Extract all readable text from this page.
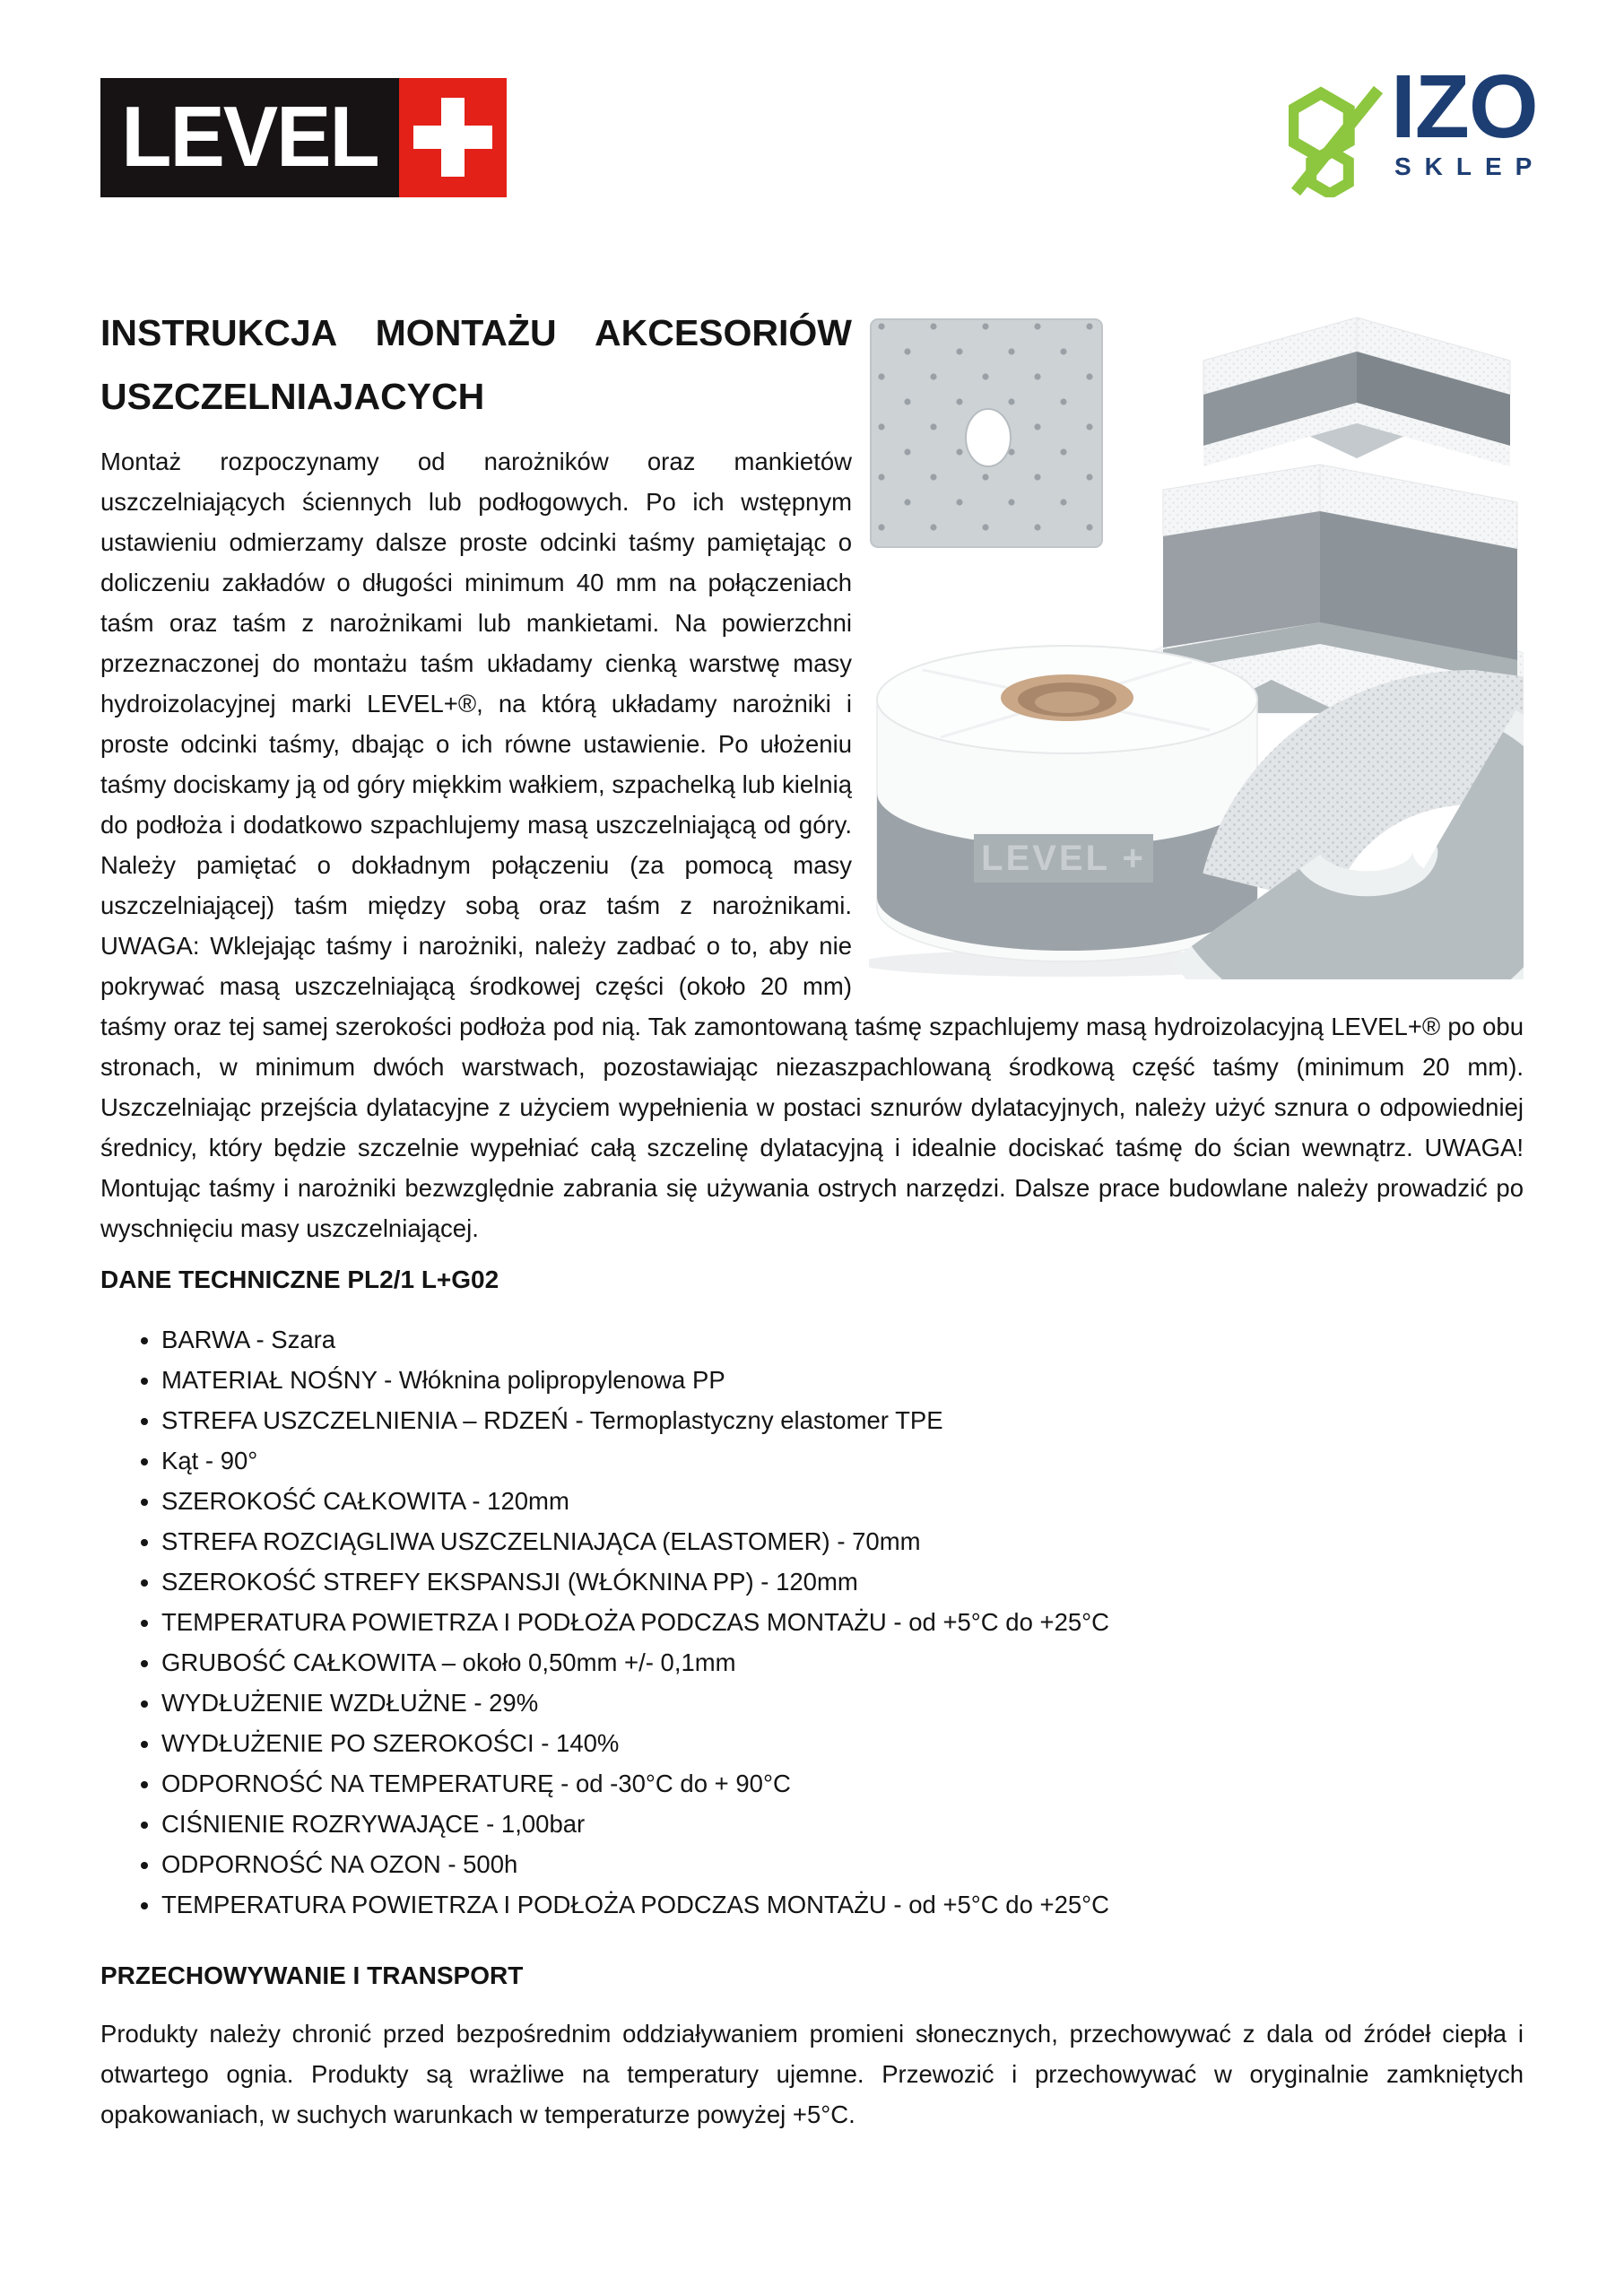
LEVEL	IZO
SKLEP
LEVEL +
INSTRUKCJA MONTAŻU AKCESORIÓW USZCZELNIAJACYCH

Montaż rozpoczynamy od narożników oraz mankietów uszczelniających ściennych lub podłogowych. Po ich wstępnym ustawieniu odmierzamy dalsze proste odcinki taśmy pamiętając o doliczeniu zakładów o długości minimum 40 mm na połączeniach taśm oraz taśm z narożnikami lub mankietami. Na powierzchni przeznaczonej do montażu taśm układamy cienką warstwę masy hydroizolacyjnej marki LEVEL+®, na którą układamy narożniki i proste odcinki taśmy, dbając o ich równe ustawienie. Po ułożeniu taśmy dociskamy ją od góry miękkim wałkiem, szpachelką lub kielnią do podłoża i dodatkowo szpachlujemy masą uszczelniającą od góry. Należy pamiętać o dokładnym połączeniu (za pomocą masy uszczelniającej) taśm między sobą oraz taśm z narożnikami. UWAGA: Wklejając taśmy i narożniki, należy zadbać o to, aby nie pokrywać masą uszczelniającą środkowej części (około 20 mm) taśmy oraz tej samej szerokości podłoża pod nią. Tak zamontowaną taśmę szpachlujemy masą hydroizolacyjną LEVEL+® po obu stronach, w minimum dwóch warstwach, pozostawiając niezaszpachlowaną środkową część taśmy (minimum 20 mm). Uszczelniając przejścia dylatacyjne z użyciem wypełnienia w postaci sznurów dylatacyjnych, należy użyć sznura o odpowiedniej średnicy, który będzie szczelnie wypełniać całą szczelinę dylatacyjną i idealnie dociskać taśmę do ścian wewnątrz. UWAGA! Montując taśmy i narożniki bezwzględnie zabrania się używania ostrych narzędzi. Dalsze prace budowlane należy prowadzić po wyschnięciu masy uszczelniającej.

DANE TECHNICZNE PL2/1 L+G02
• BARWA - Szara
• MATERIAŁ NOŚNY - Włóknina polipropylenowa PP
• STREFA USZCZELNIENIA – RDZEŃ - Termoplastyczny elastomer TPE
• Kąt - 90°
• SZEROKOŚĆ CAŁKOWITA - 120mm
• STREFA ROZCIĄGLIWA USZCZELNIAJĄCA (ELASTOMER) - 70mm
• SZEROKOŚĆ STREFY EKSPANSJI (WŁÓKNINA PP) - 120mm
• TEMPERATURA POWIETRZA I PODŁOŻA PODCZAS MONTAŻU - od +5°C do +25°C
• GRUBOŚĆ CAŁKOWITA – około 0,50mm +/- 0,1mm
• WYDŁUŻENIE WZDŁUŻNE - 29%
• WYDŁUŻENIE PO SZEROKOŚCI - 140%
• ODPORNOŚĆ NA TEMPERATURĘ - od -30°C do + 90°C
• CIŚNIENIE ROZRYWAJĄCE - 1,00bar
• ODPORNOŚĆ NA OZON - 500h
• TEMPERATURA POWIETRZA I PODŁOŻA PODCZAS MONTAŻU - od +5°C do +25°C
PRZECHOWYWANIE I TRANSPORT

Produkty należy chronić przed bezpośrednim oddziaływaniem promieni słonecznych, przechowywać z dala od źródeł ciepła i otwartego ognia. Produkty są wrażliwe na temperatury ujemne. Przewozić i przechowywać w oryginalnie zamkniętych opakowaniach, w suchych warunkach w temperaturze powyżej +5°C.
